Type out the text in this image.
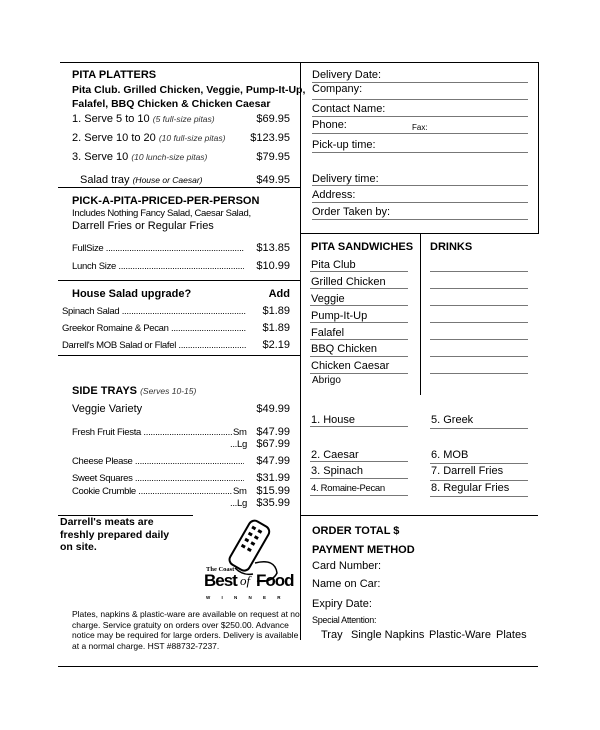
PITA PLATTERS
Pita Club. Grilled Chicken, Veggie, Pump-It-Up,
Falafel, BBQ Chicken & Chicken Caesar
1. Serve 5 to 10 (5 full-size pitas)	$69.95
2. Serve 10 to 20 (10 full-size pitas)	$123.95
3. Serve 10 (10 lunch-size pitas)	$79.95
Salad tray (House or Caesar)	$49.95
PICK-A-PITA-PRICED-PER-PERSON
Includes Nothing Fancy Salad, Caesar Salad,
Darrell Fries or Regular Fries
FullSize .....	$13.85
Lunch Size .....	$10.99
House Salad upgrade?	Add
Spinach Salad .....	$1.89
Greekor Romaine & Pecan .....	$1.89
Darrell's MOB Salad or Flafel .....	$2.19
SIDE TRAYS (Serves 10-15)
Veggie Variety	$49.99
Fresh Fruit Fiesta .....	Sm $47.99
...Lg $67.99
Cheese Please .....	$47.99
Sweet Squares .....	$31.99
Cookie Crumble .....	Sm $15.99
...Lg $35.99
Darrell's meats are
freshly prepared daily
on site.
The Coast
Best of Food
W I N N E R
Plates, napkins & plastic-ware are available on request at no charge. Service gratuity on orders over $250.00. Advance notice may be required for large orders. Delivery is available at a normal charge. HST #88732-7237.
Delivery Date:
Company:
Contact Name:
Phone:	Fax:
Pick-up time:
Delivery time:
Address:
Order Taken by:
PITA SANDWICHES DRINKS
Pita Club
Grilled Chicken
Veggie
Pump-It-Up
Falafel
BBQ Chicken
Chicken Caesar
Abrigo
1. House
2. Caesar
3. Spinach
4. Romaine-Pecan
5. Greek
6. MOB
7. Darrell Fries
8. Regular Fries
ORDER TOTAL $
PAYMENT METHOD
Card Number:
Name on Car:
Expiry Date:
Special Attention:
Tray Single Napkins Plastic-Ware Plates
